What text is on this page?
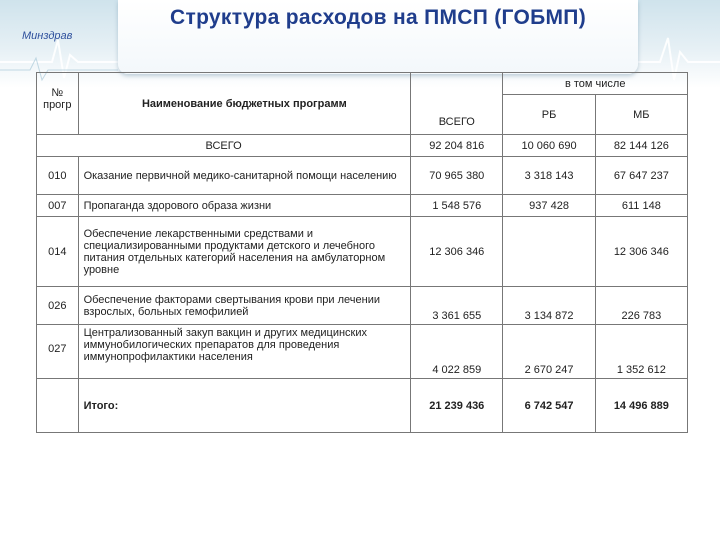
Минздрав
Структура расходов на ПМСП (ГОБМП)
№ прогр	Наименование бюджетных программ	ВСЕГО	в том числе	
			РБ	МБ
ВСЕГО		92 204 816	10 060 690	82 144 126
010	Оказание первичной медико-санитарной помощи населению	70 965 380	3 318 143	67 647 237
007	Пропаганда здорового образа жизни	1 548 576	937 428	611 148
014	Обеспечение лекарственными средствами и специализированными продуктами детского и лечебного питания отдельных категорий населения на амбулаторном уровне	12 306 346		12 306 346
026	Обеспечение факторами свертывания крови при лечении взрослых, больных гемофилией	3 361 655	3 134 872	226 783
027	Централизованный закуп вакцин и других медицинских иммунобилогических препаратов для проведения иммунопрофилактики населения	4 022 859	2 670 247	1 352 612
	Итого:	21 239 436	6 742 547	14 496 889
